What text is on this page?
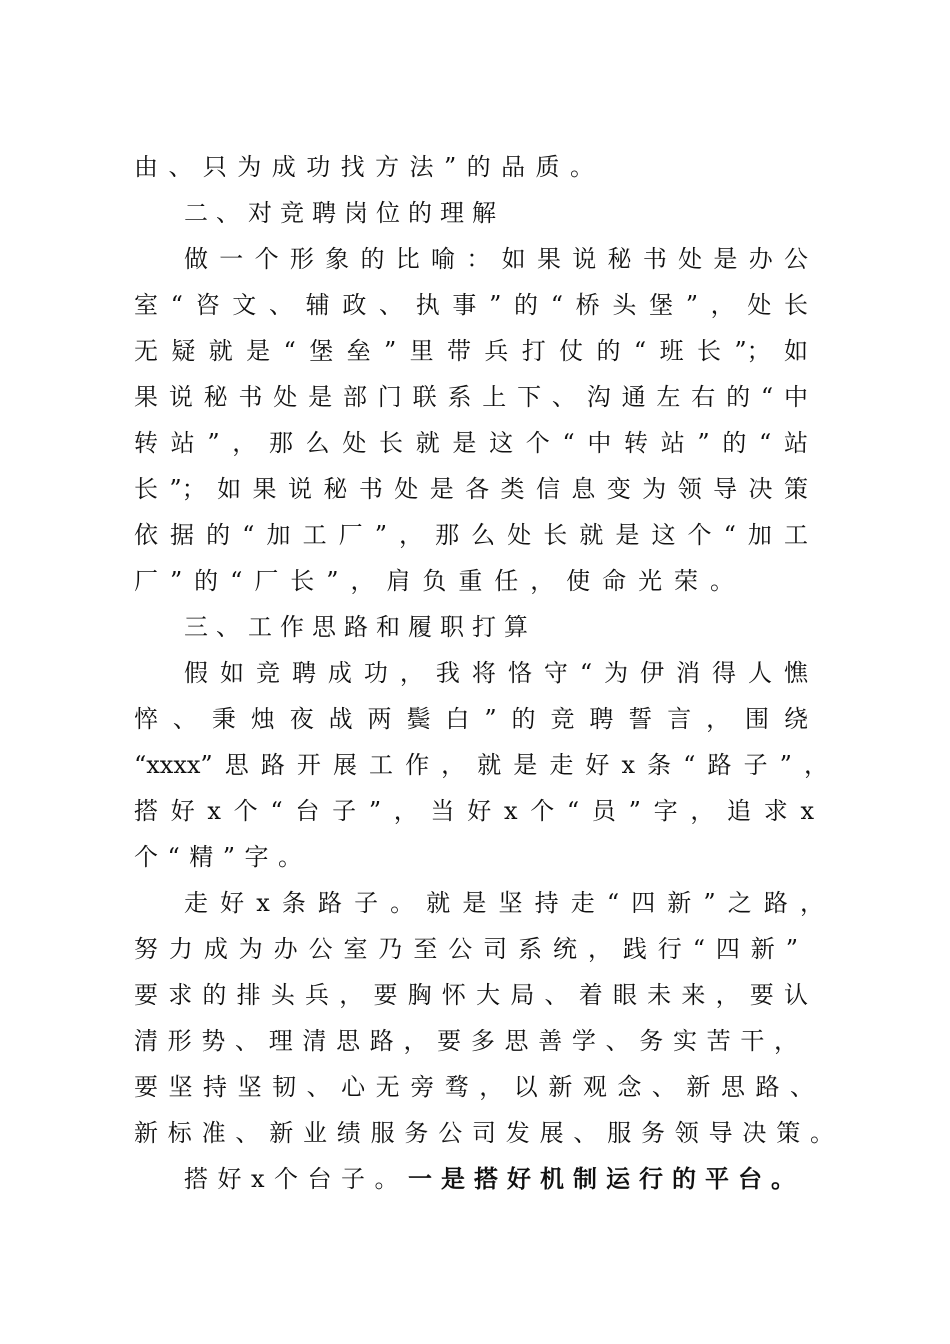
由、只为成功找方法”的品质。
二、对竞聘岗位的理解
做一个形象的比喻：如果说秘书处是办公
室“咨文、辅政、执事”的“桥头堡”，处长
无疑就是“堡垒”里带兵打仗的“班长”；如
果说秘书处是部门联系上下、沟通左右的“中
转站”，那么处长就是这个“中转站”的“站
长”；如果说秘书处是各类信息变为领导决策
依据的“加工厂”，那么处长就是这个“加工
厂”的“厂长”，肩负重任，使命光荣。
三、工作思路和履职打算
假如竞聘成功，我将恪守“为伊消得人憔
悴、秉烛夜战两鬓白”的竞聘誓言，围绕
“xxxx”思路开展工作，就是走好x条“路子”，
搭好x个“台子”，当好x个“员”字，追求x
个“精”字。
走好x条路子。就是坚持走“四新”之路，
努力成为办公室乃至公司系统，践行“四新”
要求的排头兵，要胸怀大局、着眼未来，要认
清形势、理清思路，要多思善学、务实苦干，
要坚持坚韧、心无旁骛，以新观念、新思路、
新标准、新业绩服务公司发展、服务领导决策。
搭好x个台子。一是搭好机制运行的平台。
